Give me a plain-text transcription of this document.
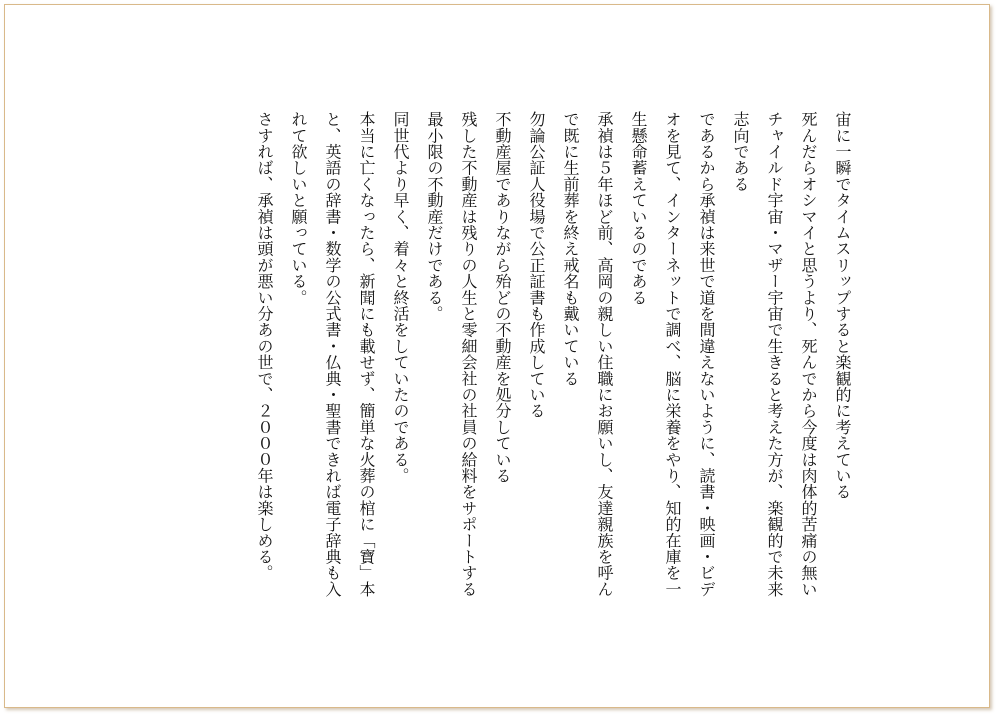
宙に一瞬でタイムスリップすると楽観的に考えている
死んだらオシマイと思うより、死んでから今度は肉体的苦痛の無い
チャイルド宇宙・マザー宇宙で生きると考えた方が、楽観的で未来
志向である
であるから承禎は来世で道を間違えないように、読書・映画・ビデ
オを見て、インターネットで調べ、脳に栄養をやり、知的在庫を一
生懸命蓄えているのである
承禎は５年ほど前、高岡の親しい住職にお願いし、友達親族を呼ん
で既に生前葬を終え戒名も戴いている
勿論公証人役場で公正証書も作成している
不動産屋でありながら殆どの不動産を処分している
残した不動産は残りの人生と零細会社の社員の給料をサポートする
最小限の不動産だけである。
同世代より早く、着々と終活をしていたのである。
本当に亡くなったら、新聞にも載せず、簡単な火葬の棺に「寶」本
と、英語の辞書・数学の公式書・仏典・聖書できれば電子辞典も入
れて欲しいと願っている。
さすれば、承禎は頭が悪い分あの世で、２０００年は楽しめる。
